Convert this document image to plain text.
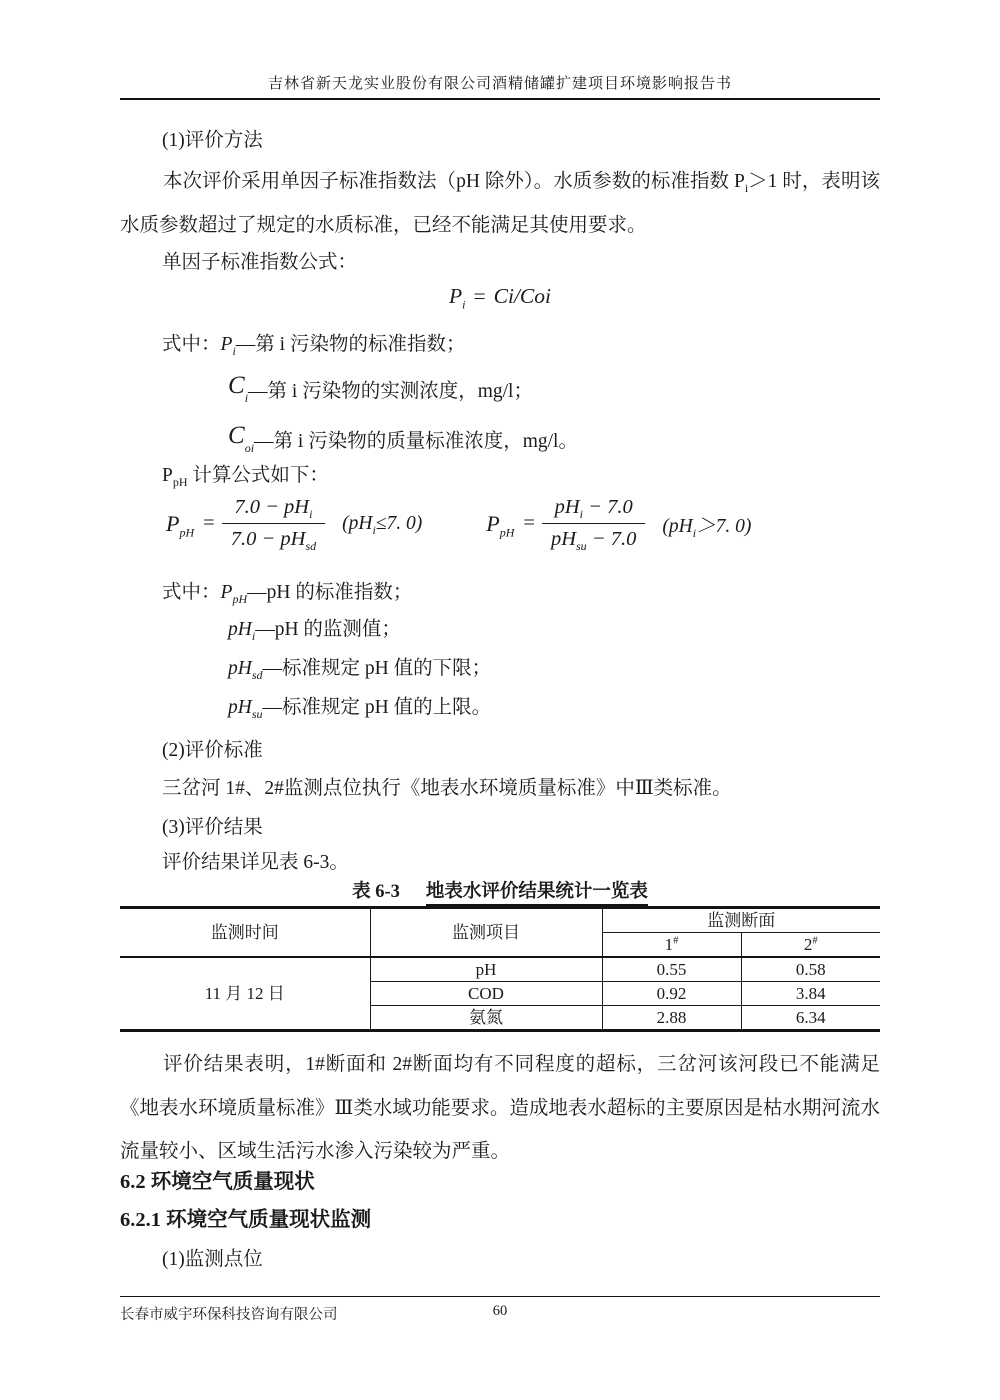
吉林省新天龙实业股份有限公司酒精储罐扩建项目环境影响报告书
(1)评价方法
本次评价采用单因子标准指数法（pH 除外）。水质参数的标准指数 $P_i>1$ 时，表明该水质参数超过了规定的水质标准，已经不能满足其使用要求。
单因子标准指数公式：
$P_i = Ci/Coi$
式中：$P_i—$第 i 污染物的标准指数；
$C_i—$第 i 污染物的实测浓度，mg/l；
$C_{oi}—$第 i 污染物的质量标准浓度，mg/l。
$P_{pH}$ 计算公式如下：
$P_{pH} = \frac{7.0 - pH_i}{7.0 - pH_{sd}} (pH_i\le 7$. 0)	$P_{pH} = \frac{pH_i - 7.0}{pH_{su} - 7.0} (pH_i>7$. 0)
式中：$P_{pH}—pH$ 的标准指数；
$pH_i—pH$ 的监测值；
$pH_{sd}—$标准规定 pH 值的下限；
$pH_{su}—$标准规定 pH 值的上限。
(2)评价标准
三岔河 1#、2#监测点位执行《地表水环境质量标准》中Ⅲ类标准。
(3)评价结果
评价结果详见表 6-3。
表 6-3 地表水评价结果统计一览表
监测时间	监测项目	监测断面	
		1#	2#
11 月 12 日	pH	0.55	0.58
	COD	0.92	3.84
	氨氮	2.88	6.34
评价结果表明，1#断面和 2#断面均有不同程度的超标，三岔河该河段已不能满足《地表水环境质量标准》Ⅲ类水域功能要求。造成地表水超标的主要原因是枯水期河流水流量较小、区域生活污水渗入污染较为严重。
6.2 环境空气质量现状
6.2.1 环境空气质量现状监测
(1)监测点位
60
长春市威宇环保科技咨询有限公司
